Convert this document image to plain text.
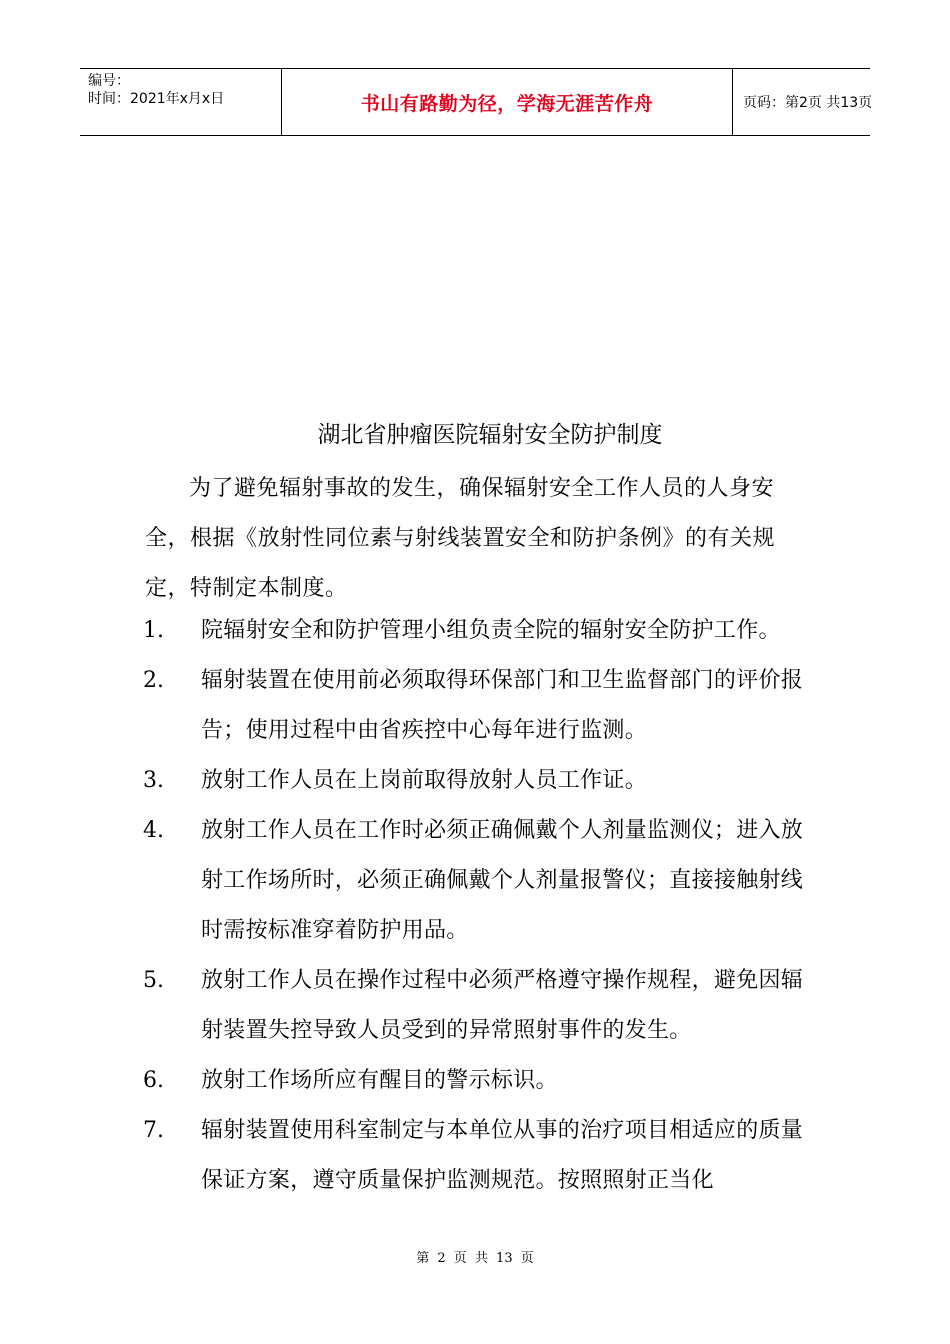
编号：
时间：2021年x月x日	书山有路勤为径，学海无涯苦作舟	页码：第2页 共13页
湖北省肿瘤医院辐射安全防护制度

为了避免辐射事故的发生，确保辐射安全工作人员的人身安全，根据《放射性同位素与射线装置安全和防护条例》的有关规定，特制定本制度。

1.	院辐射安全和防护管理小组负责全院的辐射安全防护工作。
2.	辐射装置在使用前必须取得环保部门和卫生监督部门的评价报告；使用过程中由省疾控中心每年进行监测。
3.	放射工作人员在上岗前取得放射人员工作证。
4.	放射工作人员在工作时必须正确佩戴个人剂量监测仪；进入放射工作场所时，必须正确佩戴个人剂量报警仪；直接接触射线时需按标准穿着防护用品。
5.	放射工作人员在操作过程中必须严格遵守操作规程，避免因辐射装置失控导致人员受到的异常照射事件的发生。
6.	放射工作场所应有醒目的警示标识。
7.	辐射装置使用科室制定与本单位从事的治疗项目相适应的质量保证方案，遵守质量保护监测规范。按照照射正当化
第 2 页 共 13 页
